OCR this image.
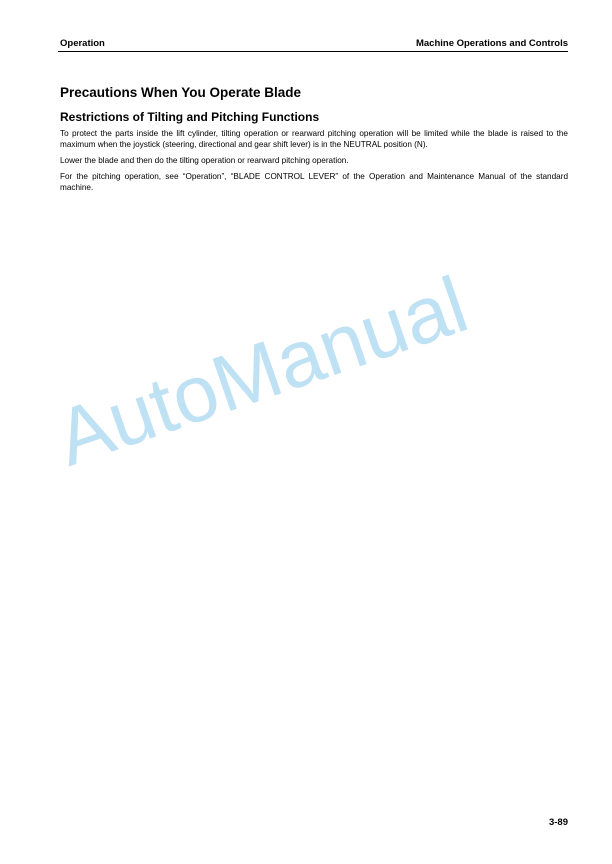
Operation	Machine Operations and Controls
Precautions When You Operate Blade
Restrictions of Tilting and Pitching Functions

To protect the parts inside the lift cylinder, tilting operation or rearward pitching operation will be limited while the blade is raised to the maximum when the joystick (steering, directional and gear shift lever) is in the NEUTRAL position (N).

Lower the blade and then do the tilting operation or rearward pitching operation.

For the pitching operation, see “Operation”, “BLADE CONTROL LEVER” of the Operation and Maintenance Manual of the standard machine.

AutoManual
3-89
